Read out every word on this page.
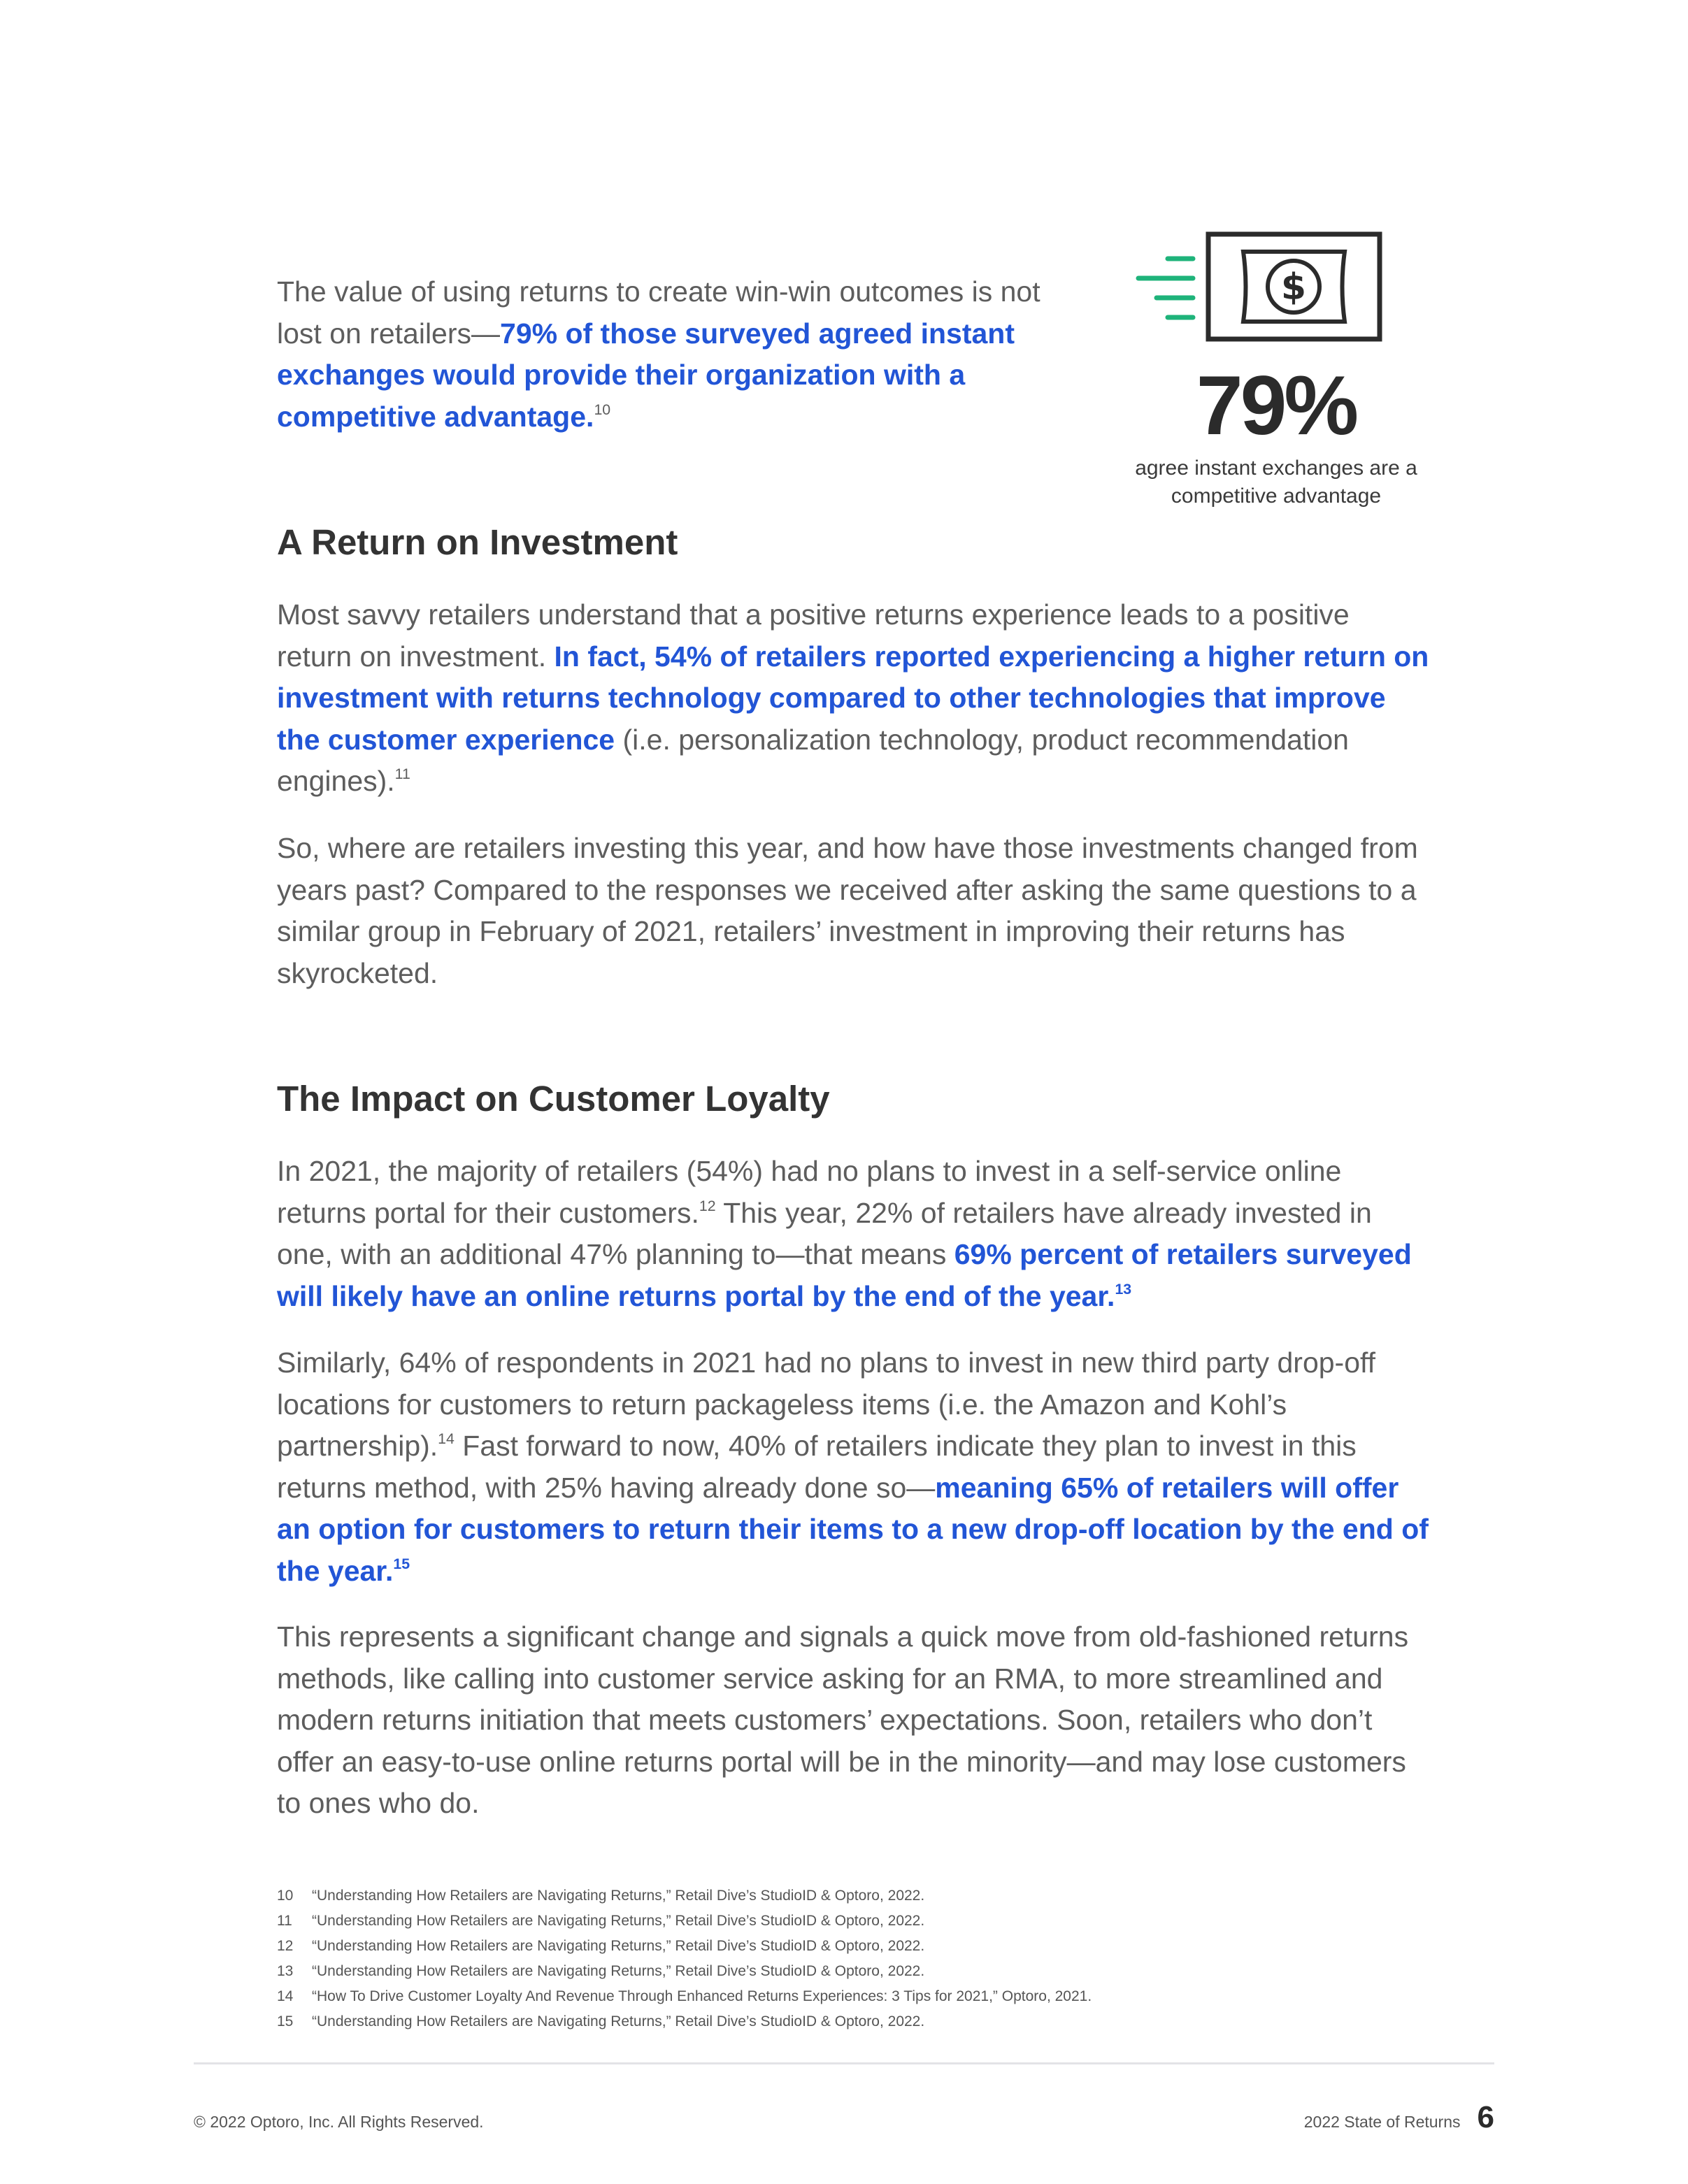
The value of using returns to create win-win outcomes is not lost on retailers—79% of those surveyed agreed instant exchanges would provide their organization with a competitive advantage.$^{10}$

$
79%
agree instant exchanges are a competitive advantage
A Return on Investment

Most savvy retailers understand that a positive returns experience leads to a positive return on investment. In fact, 54% of retailers reported experiencing a higher return on investment with returns technology compared to other technologies that improve the customer experience (i.e. personalization technology, product recommendation engines).$^{11}$

So, where are retailers investing this year, and how have those investments changed from years past? Compared to the responses we received after asking the same questions to a similar group in February of 2021, retailers’ investment in improving their returns has skyrocketed.

The Impact on Customer Loyalty

In 2021, the majority of retailers (54%) had no plans to invest in a self-service online returns portal for their customers.$^{12}$ This year, 22% of retailers have already invested in one, with an additional 47% planning to—that means 69% percent of retailers surveyed will likely have an online returns portal by the end of the year.$^{13}$

Similarly, 64% of respondents in 2021 had no plans to invest in new third party drop-off locations for customers to return packageless items (i.e. the Amazon and Kohl’s partnership).$^{14}$ Fast forward to now, 40% of retailers indicate they plan to invest in this returns method, with 25% having already done so—meaning 65% of retailers will offer an option for customers to return their items to a new drop-off location by the end of the year.$^{15}$

This represents a significant change and signals a quick move from old-fashioned returns methods, like calling into customer service asking for an RMA, to more streamlined and modern returns initiation that meets customers’ expectations. Soon, retailers who don’t offer an easy-to-use online returns portal will be in the minority—and may lose customers to ones who do.

10	“Understanding How Retailers are Navigating Returns,” Retail Dive’s StudioID & Optoro, 2022.
11	“Understanding How Retailers are Navigating Returns,” Retail Dive’s StudioID & Optoro, 2022.
12	“Understanding How Retailers are Navigating Returns,” Retail Dive’s StudioID & Optoro, 2022.
13	“Understanding How Retailers are Navigating Returns,” Retail Dive’s StudioID & Optoro, 2022.
14	“How To Drive Customer Loyalty And Revenue Through Enhanced Returns Experiences: 3 Tips for 2021,” Optoro, 2021.
15	“Understanding How Retailers are Navigating Returns,” Retail Dive’s StudioID & Optoro, 2022.
© 2022 Optoro, Inc. All Rights Reserved.	2022 State of Returns 6
